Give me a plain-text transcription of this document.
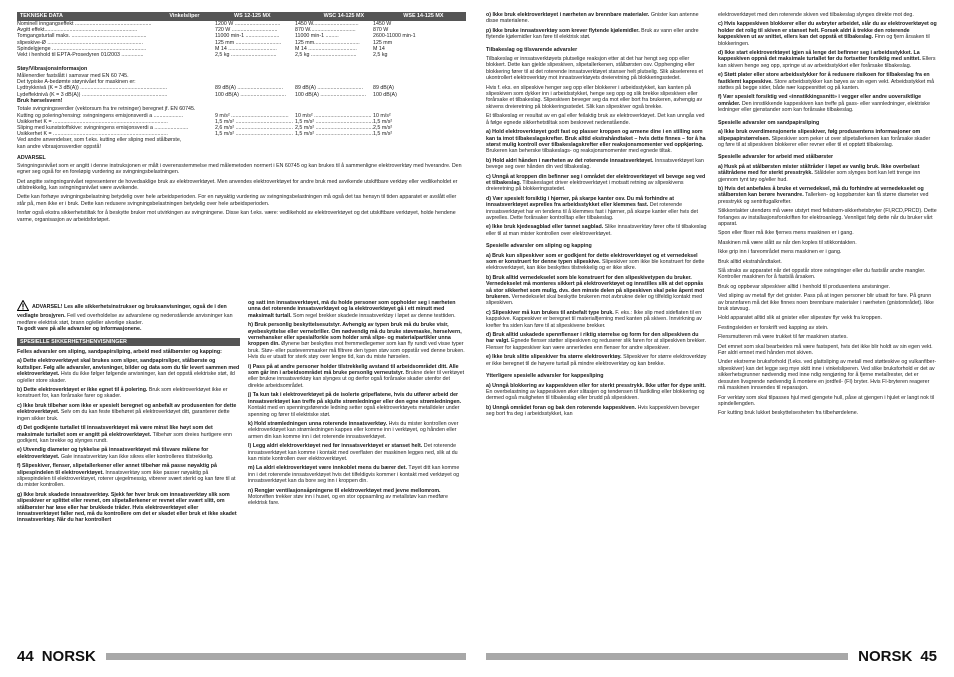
TEKNISKE DATA	Vinkelsliper	WS 12-125 MX	WSC 14-125 MX	WSE 14-125 MX
Nominell inngangseffekt ....................................................	1200 W ...............................	1450 W...............................	1450 W
Avgitt effekt...............................................................	720 W ...............................	870 W...............................	870 W
Tomgangsturtall maks. ...................................................	11000 min-1 .......................	11000 min-1 .........	2600-11000 min-1
slipeskive-Ø .................................................................	125 mm ...............................	125 mm...............................	125 mm
Spindelgjenge ................................................................	M 14 .................................	M 14 .................................	M 14
Vekt i henhold til EPTA-Prosedyren 01/2003 ...............	2,5 kg ...............................	2,5 kg ...............................	2,5 kg

Støy/Vibrasjonsinformasjon

Målenerdier fastslått i samsvar med EN 60 745.
Det typiske A-bedømte støynivået for maskinen er:

Lydtrykknivå (K = 3 dB(A)) ...........................................................	89 dB(A) ...............................	89 dB(A) ...............................	89 dB(A)
Lydeffektnivå (K = 3 dB(A)) ..........................................................	100 dB(A) ...............................	100 dB(A) ...............................	100 dB(A)

Bruk hørselsvern!

Totale svingningsverdier (vektorsum fra tre retninger) beregnet jf. EN 60745.

Kutting og polering/rensing: svingningens emisjonsverdi a ....................	9 m/s² .......................................	10 m/s² ....................................... 10 m/s²
Usikkerhet K = ..............................................................................	1,5 m/s² ....................................... 1,5 m/s² ....................................... 1,5 m/s²
Sliping med kunststoffskive: svingningens emisjonsverdi a .......................	2,6 m/s² ....................................... 2,5 m/s² ....................................... 2,5 m/s²
Usikkerhet K = ..............................................................................	1,5 m/s² ....................................... 1,5 m/s² ....................................... 1,5 m/s²

Ved andre anvendelser, som f.eks. kutting eller sliping med stålbørste,
kan andre vibrasjonsverdier oppstå!

ADVARSEL

Svingningsnivået som er angitt i denne instruksjonen er målt i overensstemmelse med målemetoden normert i EN 60745 og kan brukes til å sammenligne elektroverktøy med hverandre. Den egner seg også for en foreløpig vurdering av svingningsbelastningen.

Det angitte svingningsnivået representerer de hovedsaklige bruk av elektroverktøyet. Men anvendes elektroverktøyet for andre bruk med avvikende utskiftbare verktøy eller vedlikeholdet er utilstrekkelig, kan svingningsnivået være avvikende.

Dette kan forhøye svingningsbelastning betydelig over hele arbeidsperioden. For en nøyaktig vurdering av svingningsbelastningen må også det tas hensyn til tiden apparatet er avslått eller står på, men ikke er i bruk. Dette kan redusere svingningsbelastningen betydelig over hele arbeidsperioden.

Innfør også ekstra sikkerhetstiltak for å beskytte bruker mot utvirkingen av svingningene. Disse kan f.eks. være: vedlikehold av elektroverktøyet og det utskiftbare verktøyet, holde hendene varme, organisasjon av arbeidsforløpet.

ADVARSEL! Les alle sikkerhetsinstrukser og bruksanvisninger, også de i den vedlagte brosjyren. Feil ved overholdelse av advarslene og nedenstående anvisninger kan medføre elektrisk støt, brann og/eller alvorlige skader.
Ta godt vare på alle advarsler og informasjonene.

SPESIELLE SIKKERHETSHENVISNINGER

Felles advarsler om sliping, sandpapirsliping, arbeid med stålbørster og kapping:

a) Dette elektroverktøyet skal brukes som sliper, sandpapirsliper, stålbørste og kuttsliper. Følg alle advarsler, anvisninger, bilder og data som du får levert sammen med elektroverktøyet. Hvis du ikke følger følgende anvisninger, kan det oppstå elektriske støt, ild og/eller store skader.

b) Dette elektroverktøyet er ikke egnet til å polering. Bruk som elektroverktøyet ikke er konstruert for, kan forårsake farer og skader.

c) Ikke bruk tilbehør som ikke er spesielt beregnet og anbefalt av produsenten for dette elektroverktøyet. Selv om du kan feste tilbehøret på elektroverktøyet ditt, garanterer dette ingen sikker bruk.

d) Det godkjente turtallet til innsatsverktøyet må være minst like høyt som det maksimale turtallet som er angitt på elektroverktøyet. Tilbehør som dreies hurtigere enn godkjent, kan brekke og slynges rundt.

e) Utvendig diameter og tykkelse på innsatsverktøyet må tilsvare målene for elektroverktøyet. Gale innsatsverktøy kan ikke sikres eller kontrolleres tilstrekkelig.

f) Slipeskiver, flenser, slipetallerkener eller annet tilbehør må passe nøyaktig på slipespindelen til elektroverktøyet. Innsatsverktøy som ikke passer nøyaktig på slipespindelen til elektroverktøyet, roterer ujegelmessig, vibrerer svært sterkt og kan føre til at du mister kontrollen.

g) Ikke bruk skadede innsatsverktøy. Sjekk før hver bruk om innsatsverktøy slik som slipeskiver er splittet eller revnet, om slipetallerkener er revnet eller svært slitt, om stålbørster har løse eller har brukkede tråder. Hvis elektroverktøyet eller innsatsverktøyet faller ned, må du kontrollere om det er skadet eller bruk et ikke skadet innsatsverktøy. Når du har kontrollert

og satt inn innsatsverktøyet, må du holde personer som oppholder seg i nærheten unna det roterende innsatsverktøyet og la elektroverktøyet gå i ett minutt med maksimalt turtall. Som regel brekker skadede innsatsverktøy i løpet av denne testtiden.

h) Bruk personlig beskyttelsesutstyr. Avhengig av typen bruk må du bruke visir, øyebeskyttelse eller vernebriller. Om nødvendig må du bruke støvmaske, hørselvern, vernehansker eller spesialforkle som holder små slipe- og materialpartikler unna kroppen din. Øynene bør beskyttes mot fremmedlegemer som kan fly rundt ved visse typer bruk. Støv- eller pustevernmasker må filtrere den typen støv som oppstår ved denne bruken. Hvis du er utsatt for sterk støy over lengre tid, kan du miste hørselen.

i) Pass på at andre personer holder tilstrekkelig avstand til arbeidsområdet ditt. Alle som går inn i arbeidsområdet må bruke personlig verneutstyr. Brukne deler til verktøyet eller brukne innsatsverktøy kan slynges ut og derfor også forårsake skader utenfor det direkte arbeidsområdet.

j) Ta kun tak i elektroverktøyet på de isolerte gripeflatene, hvis du utfører arbeid der innsatsverktøyet kan treffe på skjulte strømledninger eller den egne strømledningen. Kontakt med en spenningsførende ledning setter også elektroverktøyets metalldeler under spenning og fører til elektriske støt.

k) Hold strømledningen unna roterende innsatsverktøy. Hvis du mister kontrollen over elektroverktøyet kan strømledningen kappes eller komme inn i verktøyet, og hånden eller armen din kan komme inn i det roterende innsatsverktøyet.

l) Legg aldri elektroverktøyet ned før innsatsverktøyet er stanset helt. Det roterende innsatsverktøyet kan komme i kontakt med overflaten der maskinen legges ned, slik at du kan miste kontrollen over elektroverktøyet.

m) La aldri elektroverktøyet være innkoblet mens du bærer det. Tøyet ditt kan komme inn i det roterende innsatsverktøyet hvis det tilfeldigvis kommer i kontakt med verktøyet og innsatsverktøyet kan da bore seg inn i kroppen din.

n) Rengjør ventilasjonsåpningene til elektroverktøyet med jevne mellomrom. Motorviften trekker støv inn i huset, og en stor oppsamling av metallstøv kan medføre elektrisk fare.

44 NORSK

o) Ikke bruk elektroverktøyet i nærheten av brennbare materialer. Gnister kan antenne disse materialene.

p) Ikke bruke innsatsverktøy som krever flytende kjølemidler. Bruk av vann eller andre flytende kjølemidler kan føre til elektrisk støt.

Tilbakeslag og tilsvarende advarsler

Tilbakeslag er innsatsverktøyets plutselige reaksjon etter at det har hengt seg opp eller blokkert. Dette kan gjelde slipeskiven, slipetallerkenen, stålbørsten osv. Opphenging eller blokkering fører til at det roterende innsatsverktøyet stanser helt plutselig. Slik akselereres et ukontrollert elektroverktøy mot innsatsverktøyets dreieretning på blokkeringsstedet.

Hvis f. eks. en slipeskive henger seg opp eller blokkerer i arbeidsstykket, kan kanten på slipeskiven som dykker inn i arbeidsstykket, henge seg opp og slik brekke slipeskiven eller forårsake et tilbakeslag. Slipeskiven beveger seg da mot eller bort fra brukeren, avhengig av skivens dreieretning på blokkeringsstedet. Slik kan slipeskiver også brekke.

Et tilbakeslag er resultat av en gal eller feilaktig bruk av elektroverktøyet. Det kan unngås ved å følge egnede sikkerhetstiltak som beskrevet nedenstående.

a) Hold elektroverktøyet godt fast og plasser kroppen og armene dine i en stilling som kan ta imot tilbakeslagskrefter. Bruk alltid ekstrahåndtaket – hvis dette finnes – for å ha størst mulig kontroll over tilbakeslagskrefter eller reaksjonsmomenter ved oppkjøring. Brukeren kan beherske tilbakeslags- og reaksjonsmomenter med egnede tiltak.

b) Hold aldri hånden i nærheten av det roterende innsatsverktøyet. Innsatsverktøyet kan bevege seg over hånden din ved tilbakeslag.

c) Unngå at kroppen din befinner seg i området der elektroverktøyet vil bevege seg ved et tilbakeslag. Tilbakeslaget driver elektroverktøyet i motsatt retning av slipeskivens dreieretning på blokkeringsstedet.

d) Vær spesielt forsiktig i hjørner, på skarpe kanter osv. Du må forhindre at innsatsverktøyet avprelles fra arbeidsstykket eller klemmes fast. Det roterende innsatsverktøyet har en tendens til å klemmes fast i hjørner, på skarpe kanter eller hvis det avprelles. Dette forårsaker kontrolltap eller tilbakeslag.

e) Ikke bruk kjedesagblad eller tannet sagblad. Slike innsatsverktøy fører ofte til tilbakeslag eller til at man mister kontrollen over elektroverktøyet.

Spesielle advarsler om sliping og kapping

a) Bruk kun slipeskiver som er godkjent for dette elektroverktøyet og et vernedeksel som er konstruert for denne typen slipeskive. Slipeskiver som ikke ble konstruert for dette elektroverktøyet, kan ikke beskyttes tilstrekkelig og er ikke sikre.

b) Bruk alltid vernedekselet som ble konstruert for den slipeskivetypen du bruker. Vernedekselet må monteres sikkert på elektroverktøyet og innstilles slik at det oppnås så stor sikkerhet som mulig, dvs. den minste delen på slipeskiven skal peke åpent mot brukeren. Vernedekselet skal beskytte brukeren mot avbrukne deler og tilfeldig kontakt med slipeskiven.

c) Slipeskiver må kun brukes til anbefalt type bruk. F. eks.: Ikke slip med sideflaten til en kappskive. Kappeskiver er beregnet til materialfjerning med kanten på skiven. Innvirkning av krefter fra siden kan føre til at slipeskivene brekker.

d) Bruk alltid uskadede spennflenser i riktig størrelse og form for den slipeskiven du har valgt. Egnede flenser støtter slipeskiven og reduserer slik faren for at slipeskiven brekker. Flenser for kappeskiver kan være annerledes enn flenser for andre slipeskiver.

e) Ikke bruk slitte slipeskiver fra større elektroverktøy. Slipeskiver for større elektroverktøy er ikke beregnet til de høyere turtall på mindre elektroverktøy og kan brekke.

Ytterligere spesielle advarsler for kappesliping

a) Unngå blokkering av kappeskiven eller for sterkt presstrykk. Ikke utfør for dype snitt. En overbelastning av kappeskiven øker slitasjen og tendensen til fastkiling eller blokkering og dermed også muligheten til tilbakeslag eller brudd på slipeskiven.

b) Unngå området foran og bak den roterende kappeskiven. Hvis kappeskiven beveger seg bort fra deg i arbeidsstykket, kan

elektroverktøyet med den roterende skiven ved tilbakeslag slynges direkte mot deg.

c) Hvis kappeskiven blokkerer eller du avbryter arbeidet, slår du av elektroverktøyet og holder det rolig til skiven er stanset helt. Forsøk aldri å trekke den roterende kappeskiven ut av snittet, ellers kan det oppstå et tilbakeslag. Finn og fjern årsaken til blokkeringen.

d) Ikke start elektroverktøyet igjen så lenge det befinner seg i arbeidsstykket. La kappeskiven oppnå det maksimale turtallet før du fortsetter forsiktig med snittet. Ellers kan skiven henge seg opp, springe ut av arbeidsstykket eller forårsake tilbakeslag.

e) Støtt plater eller store arbeidsstykker for å redusere risikoen for tilbakeslag fra en fastklemt kappeskive. Store arbeidsstykker kan bøyes av sin egen vekt. Arbeidsstykket må støttes på begge sider, både nær kappesnittet og på kanten.

f) Vær spesielt forsiktig ved «innstikkingssnitt» i vegger eller andre uoversiktlige områder. Den innstikkende kappeskiven kan treffe på gass- eller vannledninger, elektriske ledninger eller gjenstander som kan forårsake tilbakeslag.

Spesielle advarsler om sandpapirsliping

a) Ikke bruk overdimensjonerte slipeskiver, følg produsentens informasjoner om slipepapirstørrelsen. Slipeskiver som peker ut over slipetallerkenen kan forårsake skader og føre til at slipeskiven blokkerer eller revner eller til et opptøtt tilbakeslag.

Spesielle advarsler for arbeid med stålbørster

a) Husk på at stålbørsten mister ståltråder i løpet av vanlig bruk. Ikke overbelast ståltrådene med for sterkt presstrykk. Ståldeler som slynges bort kan lett trenge inn gjennom tynt tøy og/eller hud.

b) Hvis det anbefales å bruke et vernedeksel, må du forhindre at vernedekselet og stålbørsten kan berøre hverandre. Tallerken- og koppbørster kan få større diameter ved presstrykk og sentrifugalkrefter.

Stikkontakter utendørs må være utstyrt med feilstrøm-sikkerhetsbryter (FI,RCD,PRCD). Dette forlanges av installasjonsforskriften for elektroanlegg. Vennligst følg dette når du bruker vårt apparat.

Spon eller fliser må ikke fjernes mens maskinen er i gang.

Maskinen må være slått av når den koples til stikkontakten.

Ikke grip inn i fareområdet mens maskinen er i gang.

Bruk alltid ekstrahåndtaket.

Slå straks av apparatet når det oppstår store svingninger eller du fastslår andre mangler. Kontroller maskinen for å fastslå årsaken.

Bruk og oppbevar slipeskiver alltid i henhold til produsentens anvisninger.

Ved sliping av metall flyr det gnister. Pass på at ingen personer blir utsatt for fare. På grunn av brannfaren må det ikke finnes noen brennbare materialer i nærheten (gnistområdet). Ikke bruk støvsug.

Hold apparatet alltid slik at gnister eller slipestøv flyr vekk fra kroppen.

Festingsleiden er forskrift ved kapping av stein.

Flensmutteren må være trukket til før maskinen startes.

Det emnet som skal bearbeides må være fastspent, hvis det ikke blir holdt av sin egen vekt. Før aldri emnet med hånden mot skiven.

Under ekstreme bruksforhold (f.eks. ved glattsliping av metall med støtteskive og vulkanfiber-slipeskiver) kan det legge seg mye skitt inne i vinkelsliperen. Ved slike bruksforhold er det av sikkerhetsgrunner nødvendig med inne ndig rengjøring for å fjerne metallrester, det er dessuten livsgrende nødvendig å montere en jordfeil- (FI) bryter. Hvis FI-bryteren reagerer må maskinen innsendes til reparasjon.

For verktøy som skal tilpasses hjul med gjengete hull, påse at gjengen i hjulet er langt nok til spindellengden.

For kutting bruk lukket beskyttelsesheten fra tilbehørdelene.

NORSK 45
